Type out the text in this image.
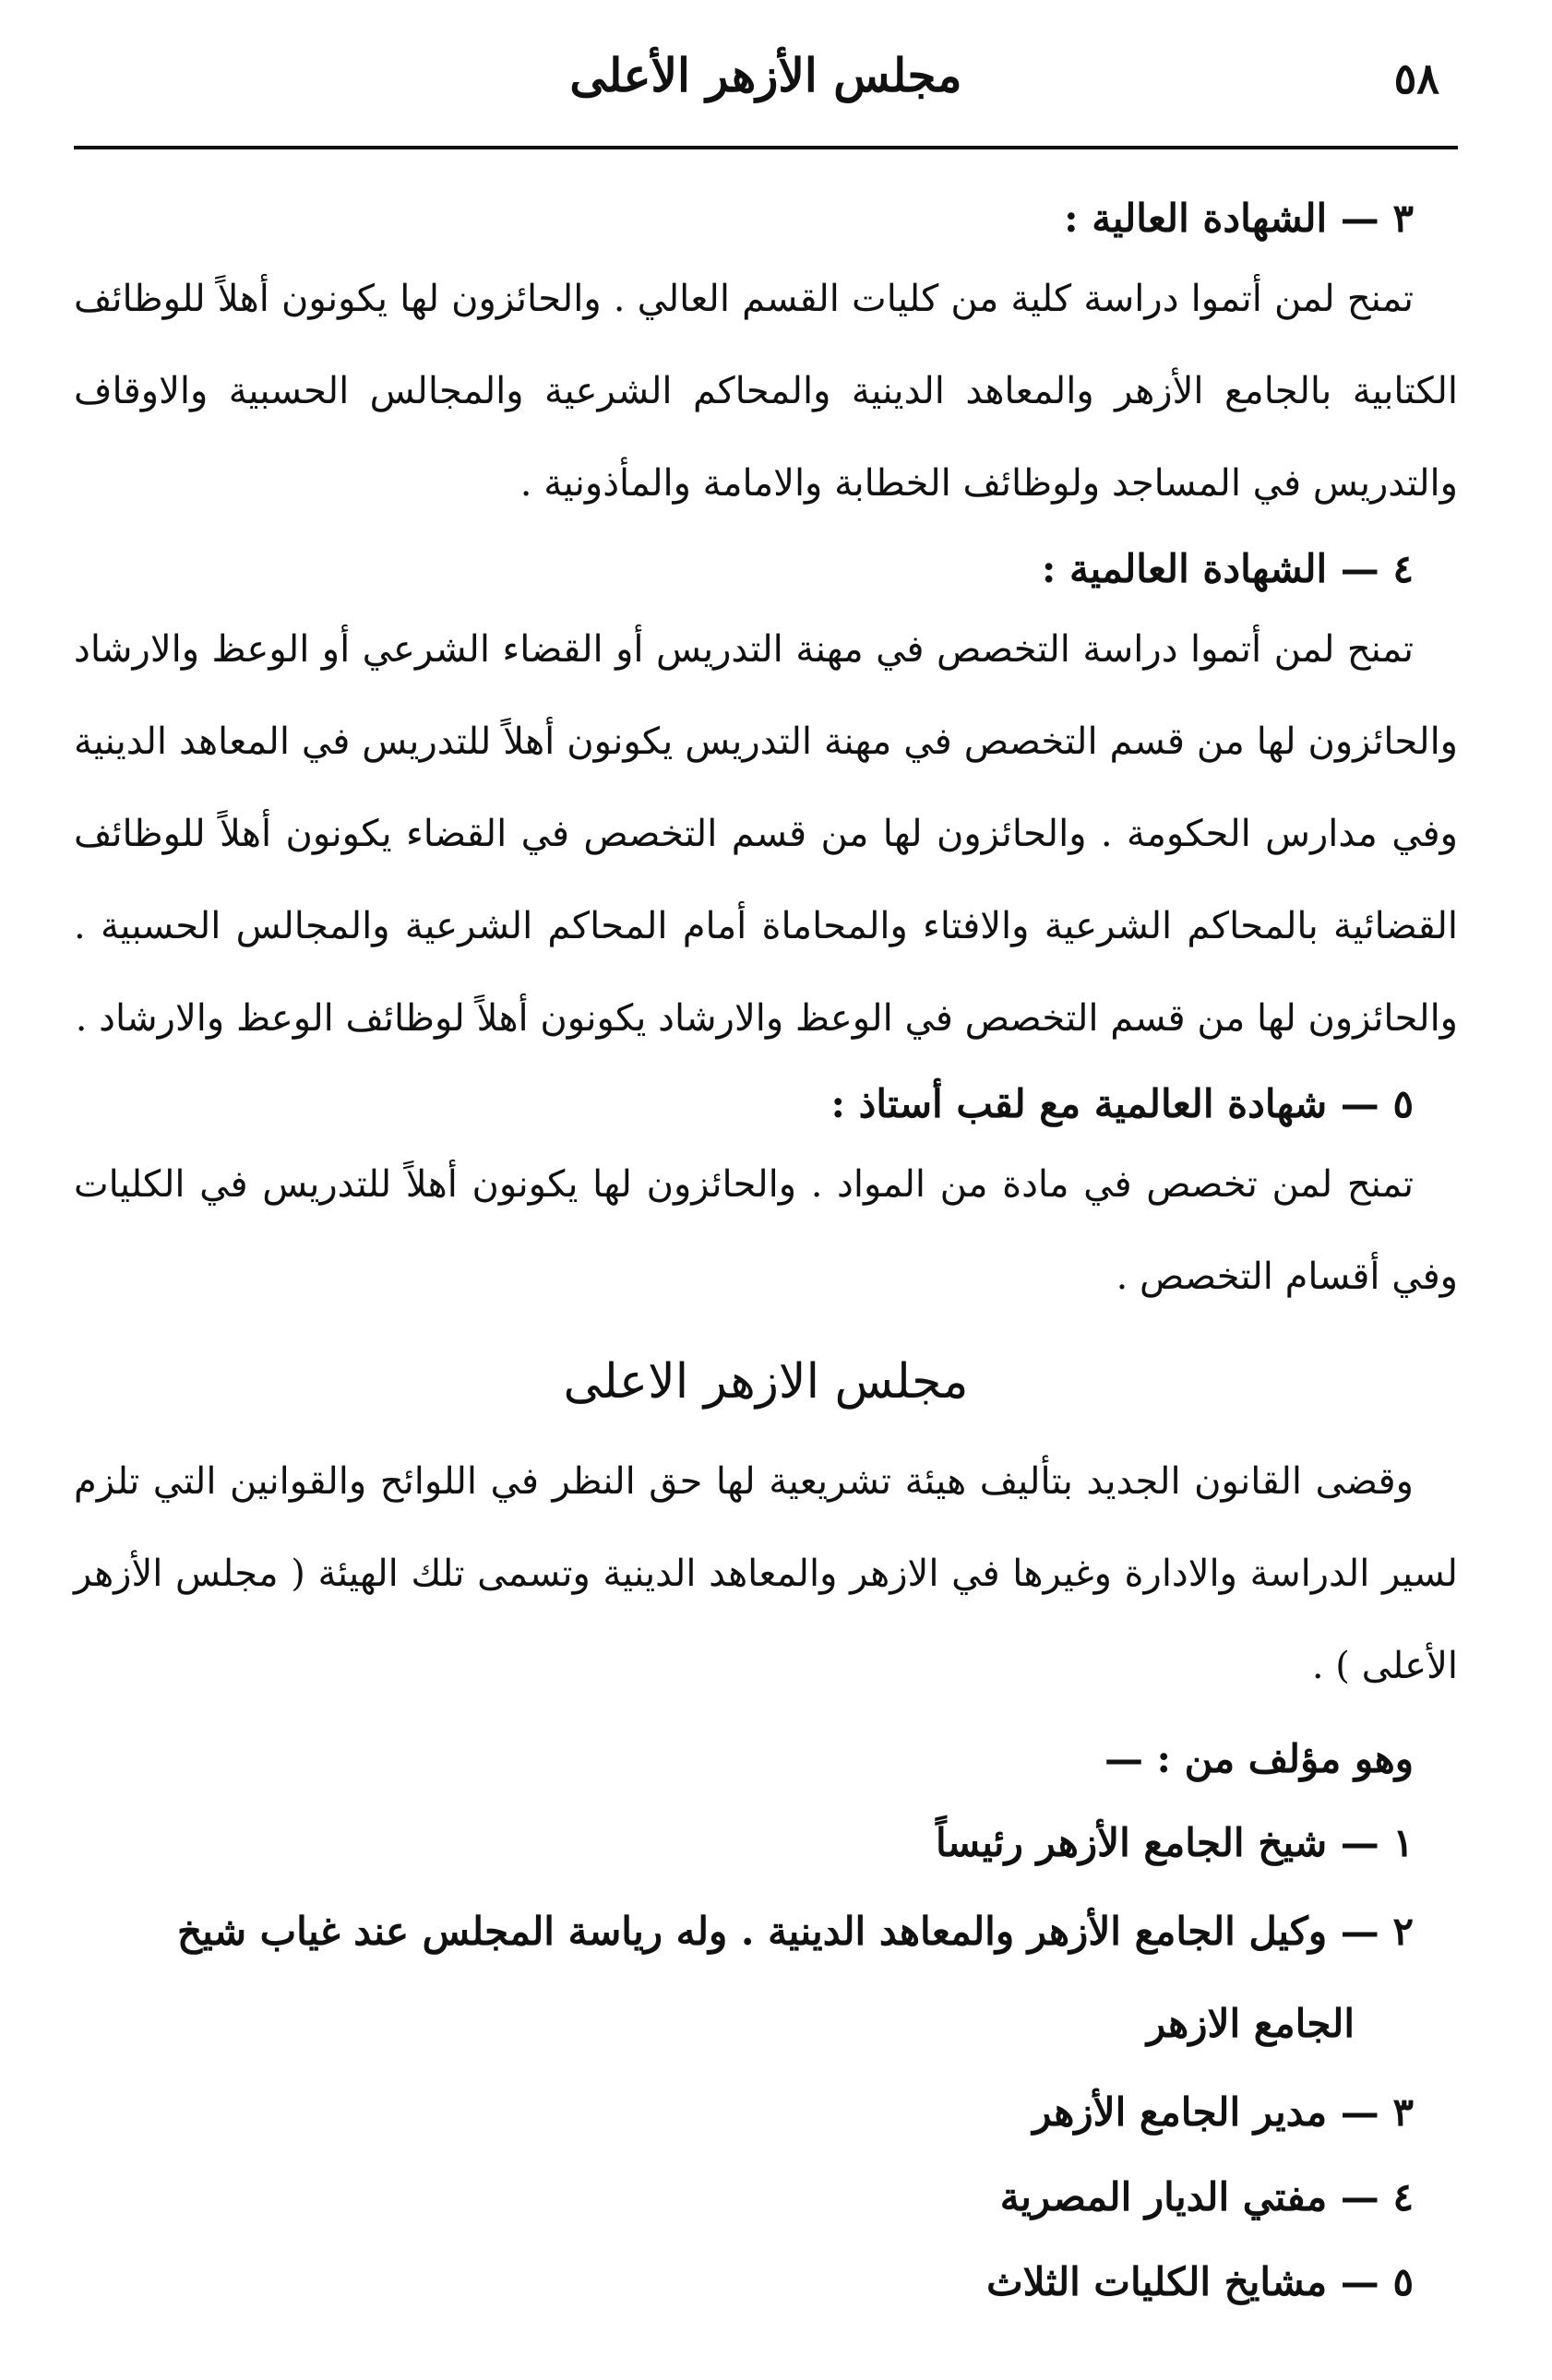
٥٨
مجلس الأزهر الأعلى

٣ — الشهادة العالية :

تمنح لمن أتموا دراسة كلية من كليات القسم العالي . والحائزون لها يكونون أهلاً للوظائف الكتابية بالجامع الأزهر والمعاهد الدينية والمحاكم الشرعية والمجالس الحسبية والاوقاف والتدريس في المساجد ولوظائف الخطابة والامامة والمأذونية .

٤ — الشهادة العالمية :

تمنح لمن أتموا دراسة التخصص في مهنة التدريس أو القضاء الشرعي أو الوعظ والارشاد والحائزون لها من قسم التخصص في مهنة التدريس يكونون أهلاً للتدريس في المعاهد الدينية وفي مدارس الحكومة . والحائزون لها من قسم التخصص في القضاء يكونون أهلاً للوظائف القضائية بالمحاكم الشرعية والافتاء والمحاماة أمام المحاكم الشرعية والمجالس الحسبية . والحائزون لها من قسم التخصص في الوعظ والارشاد يكونون أهلاً لوظائف الوعظ والارشاد .

٥ — شهادة العالمية مع لقب أستاذ :

تمنح لمن تخصص في مادة من المواد . والحائزون لها يكونون أهلاً للتدريس في الكليات وفي أقسام التخصص .

مجلس الازهر الاعلى

وقضى القانون الجديد بتأليف هيئة تشريعية لها حق النظر في اللوائح والقوانين التي تلزم لسير الدراسة والادارة وغيرها في الازهر والمعاهد الدينية وتسمى تلك الهيئة ( مجلس الأزهر الأعلى ) .

وهو مؤلف من : —

١ — شيخ الجامع الأزهر رئيساً
٢ — وكيل الجامع الأزهر والمعاهد الدينية . وله رياسة المجلس عند غياب شيخ
الجامع الازهر
٣ — مدير الجامع الأزهر
٤ — مفتي الديار المصرية
٥ — مشايخ الكليات الثلاث
